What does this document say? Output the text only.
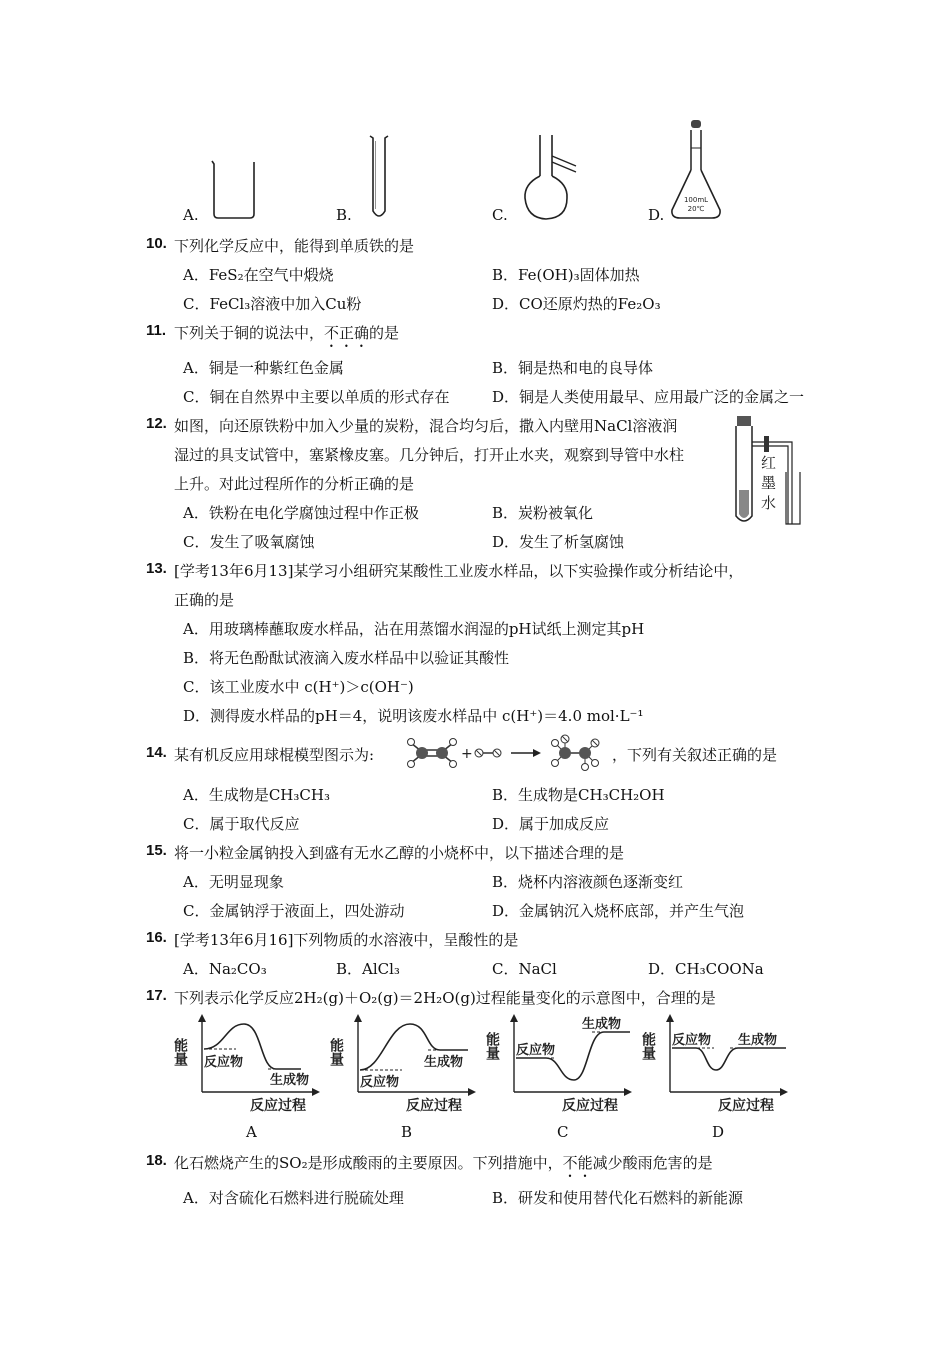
A.	B.	C.	D.
100mL
20℃
10. 下列化学反应中，能得到单质铁的是
A．FeS₂在空气中煅烧	B．Fe(OH)₃固体加热
C．FeCl₃溶液中加入Cu粉	D．CO还原灼热的Fe₂O₃
11. 下列关于铜的说法中，不正确的是
A．铜是一种紫红色金属	B．铜是热和电的良导体
C．铜在自然界中主要以单质的形式存在	D．铜是人类使用最早、应用最广泛的金属之一
12. 如图，向还原铁粉中加入少量的炭粉，混合均匀后，撒入内壁用NaCl溶液润
湿过的具支试管中，塞紧橡皮塞。几分钟后，打开止水夹，观察到导管中水柱
上升。对此过程所作的分析正确的是
A．铁粉在电化学腐蚀过程中作正极	B．炭粉被氧化
C．发生了吸氧腐蚀	D．发生了析氢腐蚀
红
墨
水
13. [学考13年6月13]某学习小组研究某酸性工业废水样品，以下实验操作或分析结论中，
正确的是
A．用玻璃棒蘸取废水样品，沾在用蒸馏水润湿的pH试纸上测定其pH
B．将无色酚酞试液滴入废水样品中以验证其酸性
C．该工业废水中 c(H⁺)＞c(OH⁻)
D．测得废水样品的pH＝4，说明该废水样品中 c(H⁺)＝4.0 mol·L⁻¹
14. 某有机反应用球棍模型图示为:	+	，下列有关叙述正确的是
A．生成物是CH₃CH₃	B．生成物是CH₃CH₂OH
C．属于取代反应	D．属于加成反应
15. 将一小粒金属钠投入到盛有无水乙醇的小烧杯中，以下描述合理的是
A．无明显现象	B．烧杯内溶液颜色逐渐变红
C．金属钠浮于液面上，四处游动	D．金属钠沉入烧杯底部，并产生气泡
16. [学考13年6月16]下列物质的水溶液中，呈酸性的是
A．Na₂CO₃	B．AlCl₃	C．NaCl	D．CH₃COONa
17. 下列表示化学反应2H₂(g)＋O₂(g)＝2H₂O(g)过程能量变化的示意图中，合理的是
能量 反应物
生成物
反应过程
A
能量
反应物
生成物
反应过程
B
能量 反应物
生成物
反应过程
C
能量 反应物 生成物
反应过程
D
18. 化石燃烧产生的SO₂是形成酸雨的主要原因。下列措施中，不能减少酸雨危害的是
A．对含硫化石燃料进行脱硫处理	B．研发和使用替代化石燃料的新能源
